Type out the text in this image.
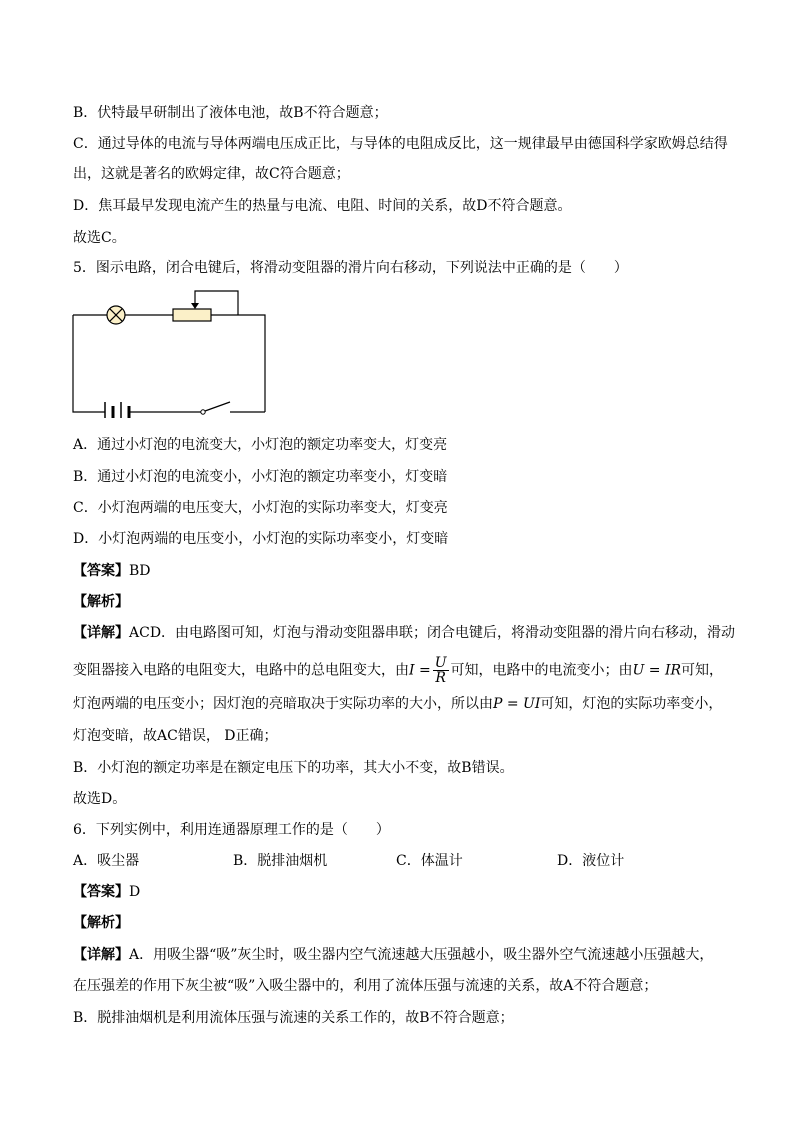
B．伏特最早研制出了液体电池，故B不符合题意；
C．通过导体的电流与导体两端电压成正比，与导体的电阻成反比，这一规律最早由德国科学家欧姆总结得
出，这就是著名的欧姆定律，故C符合题意；
D．焦耳最早发现电流产生的热量与电流、电阻、时间的关系，故D不符合题意。
故选C。
5．图示电路，闭合电键后，将滑动变阻器的滑片向右移动，下列说法中正确的是（　　）
A．通过小灯泡的电流变大，小灯泡的额定功率变大，灯变亮
B．通过小灯泡的电流变小，小灯泡的额定功率变小，灯变暗
C．小灯泡两端的电压变大，小灯泡的实际功率变大，灯变亮
D．小灯泡两端的电压变小，小灯泡的实际功率变小，灯变暗
【答案】BD
【解析】
【详解】ACD．由电路图可知，灯泡与滑动变阻器串联；闭合电键后，将滑动变阻器的滑片向右移动，滑动
变阻器接入电路的电阻变大，电路中的总电阻变大，由$I = \frac{U}{R}$ 可知，电路中的电流变小；由U = IR可知，
灯泡两端的电压变小；因灯泡的亮暗取决于实际功率的大小，所以由P = UI可知，灯泡的实际功率变小，
灯泡变暗，故AC错误， D正确；
B．小灯泡的额定功率是在额定电压下的功率，其大小不变，故B错误。
故选D。
6．下列实例中，利用连通器原理工作的是（　　）
A．吸尘器	B．脱排油烟机	C．体温计	D．液位计
【答案】D
【解析】
【详解】A．用吸尘器“吸”灰尘时，吸尘器内空气流速越大压强越小，吸尘器外空气流速越小压强越大，
在压强差的作用下灰尘被“吸”入吸尘器中的，利用了流体压强与流速的关系，故A不符合题意；
B．脱排油烟机是利用流体压强与流速的关系工作的，故B不符合题意；
